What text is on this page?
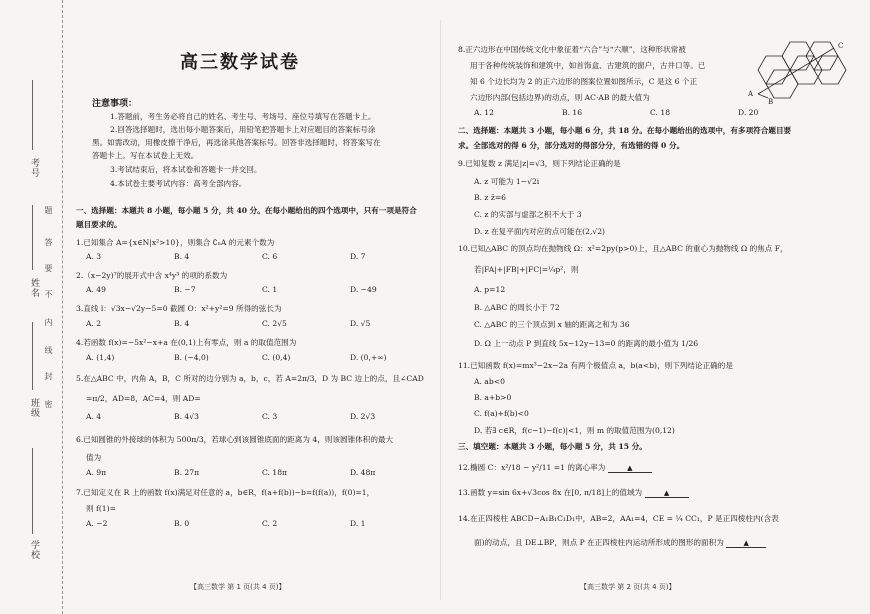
考号
姓名
班级
学校
题
答
要
不
内
线
封
密
高三数学试卷
注意事项：
1.答题前，考生务必将自己的姓名、考生号、考场号、座位号填写在答题卡上。
2.回答选择题时，选出每小题答案后，用铅笔把答题卡上对应题目的答案标号涂
黑。如需改动，用橡皮擦干净后，再选涂其他答案标号。回答非选择题时，将答案写在
答题卡上。写在本试卷上无效。
3.考试结束后，将本试卷和答题卡一并交回。
4.本试卷主要考试内容：高考全部内容。
一、选择题：本题共 8 小题，每小题 5 分，共 40 分。在每小题给出的四个选项中，只有一项是符合
题目要求的。
1.已知集合 A={x∈N|x²>10}，则集合 ∁ₙA 的元素个数为
A. 3	B. 4	C. 6	D. 7
2.（x−2y)⁷的展开式中含 x⁴y³ 的项的系数为
A. 49	B. −7	C. 1	D. −49
3.直线 l：√3x−√2y−5=0 截圆 O：x²+y²=9 所得的弦长为
A. 2	B. 4	C. 2√5	D. √5
4.若函数 f(x)=−5x²−x+a 在(0,1)上有零点，则 a 的取值范围为
A. (1,4)	B. (−4,0)	C. (0,4)	D. (0,+∞)
5.在△ABC 中，内角 A，B，C 所对的边分别为 a，b，c，若 A=2π/3，D 为 BC 边上的点，且∠CAD
=π/2，AD=8，AC=4，则 AD=
A. 4	B. 4√3	C. 3	D. 2√3
6.已知圆锥的外接球的体积为 500π/3，若球心到该圆锥底面的距离为 4，则该圆锥体积的最大
值为
A. 9π	B. 27π	C. 18π	D. 48π
7.已知定义在 R 上的函数 f(x)满足对任意的 a，b∈R，f(a+f(b))−b=f(f(a))，f(0)=1，
则 f(1)=
A. −2	B. 0	C. 2	D. 1
【高三数学 第 1 页(共 4 页)】
8.正六边形在中国传统文化中象征着“六合”与“六顺”，这种形状常被
用于各种传统装饰和建筑中，如首饰盒、古建筑的窗户，古井口等。已
知 6 个边长均为 2 的正六边形的图案位置如图所示，C 是这 6 个正
六边形内部(包括边界)的动点，则 AC·AB 的最大值为
A. 12	B. 16	C. 18	D. 20
A
B
C
二、选择题：本题共 3 小题，每小题 6 分，共 18 分。在每小题给出的选项中，有多项符合题目要
求。全部选对的得 6 分，部分选对的得部分分，有选错的得 0 分。
9.已知复数 z 满足|z|=√3，则下列结论正确的是
A. z 可能为 1−√2i
B. z z̄=6
C. z 的实部与虚部之积不大于 3
D. z 在复平面内对应的点可能在(2,√2)
10.已知△ABC 的顶点均在抛物线 Ω：x²=2py(p>0)上，且△ABC 的重心为抛物线 Ω 的焦点 F，
若|FA|+|FB|+|FC|=¼p²，则
A. p=12
B. △ABC 的周长小于 72
C. △ABC 的三个顶点到 x 轴的距离之和为 36
D. Ω 上一动点 P 到直线 5x−12y−13=0 的距离的最小值为 1/26
11.已知函数 f(x)=mx³−2x−2a 有两个极值点 a，b(a<b)，则下列结论正确的是
A. ab<0
B. a+b>0
C. f(a)+f(b)<0
D. 若∃ c∈R，f(c−1)−f(c)|<1，则 m 的取值范围为(0,12)
三、填空题：本题共 3 小题，每小题 5 分，共 15 分。
12.椭圆 C：x²/18 − y²/11 =1 的离心率为	▲
13.函数 y=sin 6x+√3cos 8x 在[0, π/18]上的值域为	▲
14.在正四棱柱 ABCD−A₁B₁C₁D₁中，AB=2，AA₁=4，CE = ¼ CC₁，P 是正四棱柱内(含表
面)的动点，且 DE⊥BP，则点 P 在正四棱柱内运动所形成的图形的面积为	▲
【高三数学 第 2 页(共 4 页)】
